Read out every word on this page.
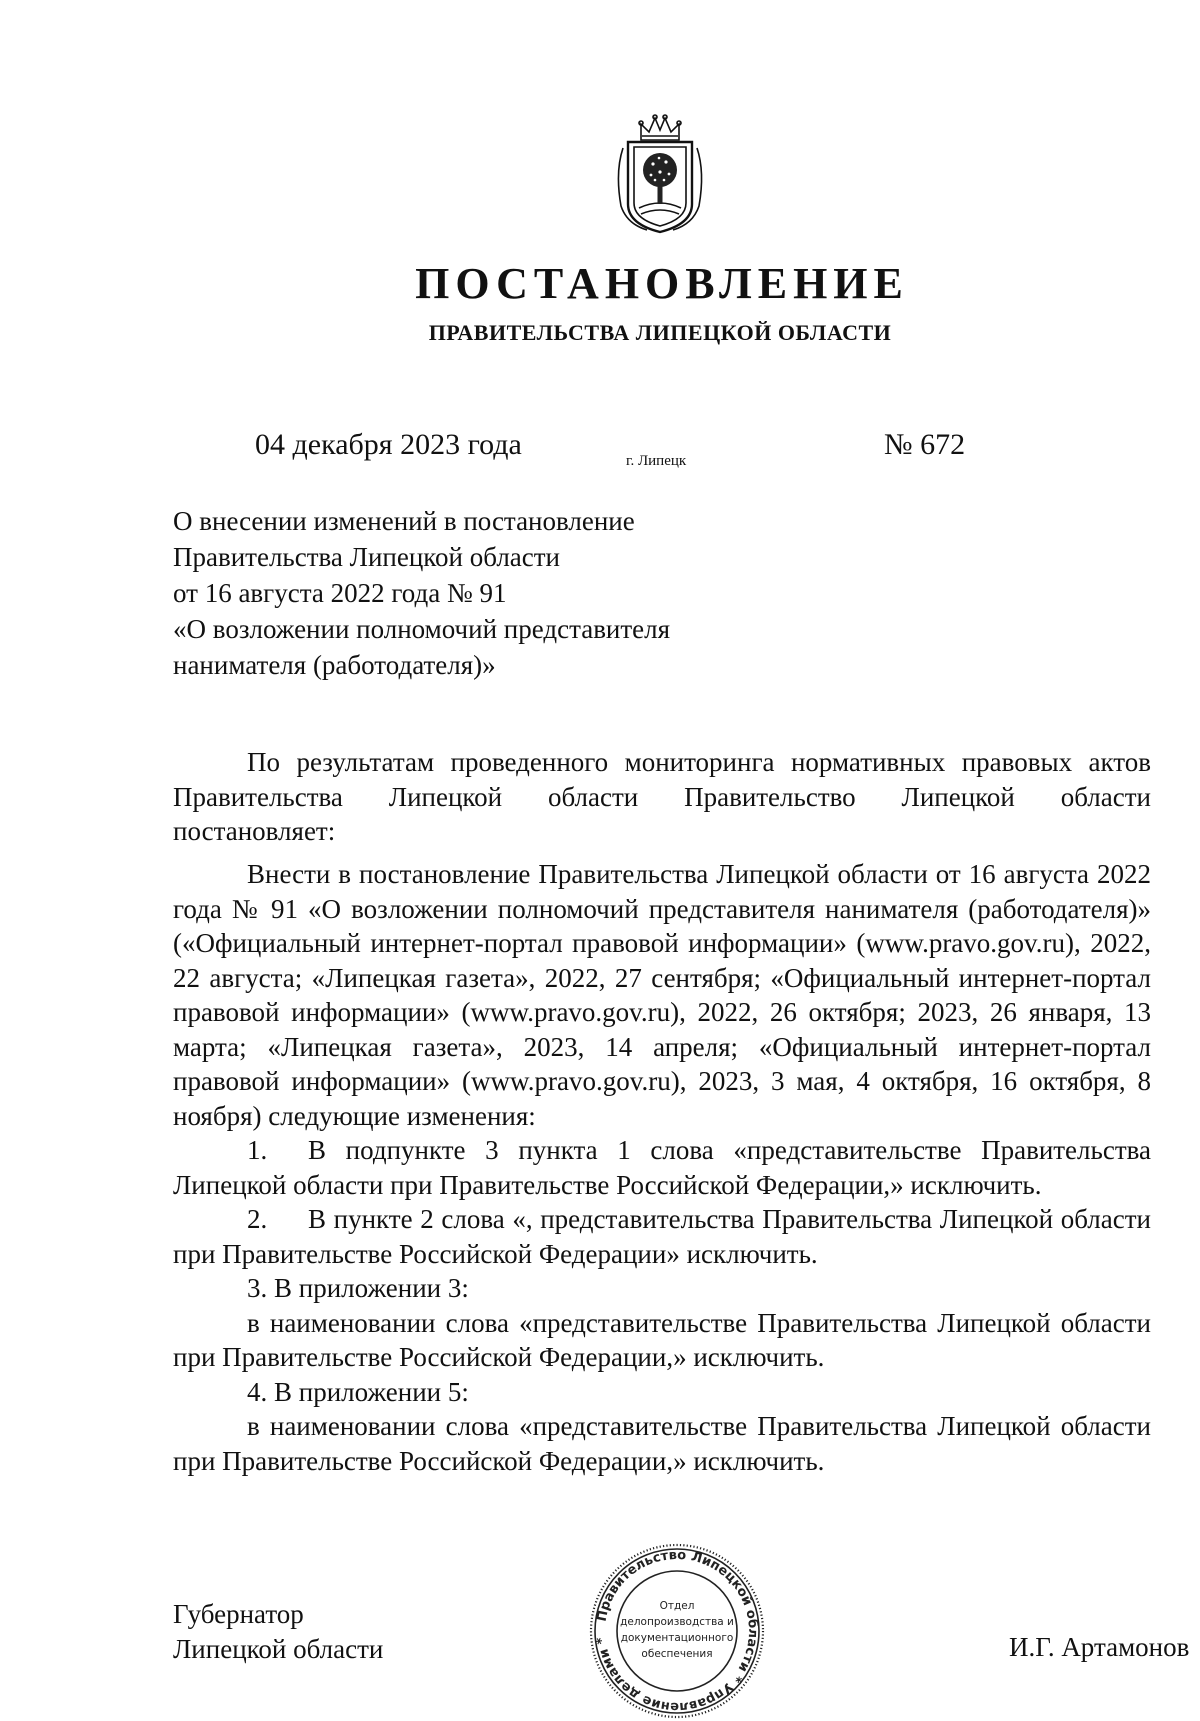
ПОСТАНОВЛЕНИЕ
ПРАВИТЕЛЬСТВА ЛИПЕЦКОЙ ОБЛАСТИ
04 декабря 2023 года	г. Липецк	№ 672
О внесении изменений в постановление
Правительства Липецкой области
от 16 августа 2022 года № 91
«О возложении полномочий представителя
нанимателя (работодателя)»
По результатам проведенного мониторинга нормативных правовых актов
Правительства Липецкой области Правительство Липецкой области
постановляет:

Внести в постановление Правительства Липецкой области от 16 августа 2022 года № 91 «О возложении полномочий представителя нанимателя (работодателя)» («Официальный интернет-портал правовой информации» (www.pravo.gov.ru), 2022, 22 августа; «Липецкая газета», 2022, 27 сентября; «Официальный интернет-портал правовой информации» (www.pravo.gov.ru), 2022, 26 октября; 2023, 26 января, 13 марта; «Липецкая газета», 2023, 14 апреля; «Официальный интернет-портал правовой информации» (www.pravo.gov.ru), 2023, 3 мая, 4 октября, 16 октября, 8 ноября) следующие изменения:

1. В подпункте 3 пункта 1 слова «представительстве Правительства Липецкой области при Правительстве Российской Федерации,» исключить.

2. В пункте 2 слова «, представительства Правительства Липецкой области при Правительстве Российской Федерации» исключить.

3. В приложении 3:

в наименовании слова «представительстве Правительства Липецкой области при Правительстве Российской Федерации,» исключить.

4. В приложении 5:

в наименовании слова «представительстве Правительства Липецкой области при Правительстве Российской Федерации,» исключить.

Губернатор
Липецкой области	И.Г. Артамонов
Правительство Липецкой области * Управление делами *
Отдел
делопроизводства и
документационного
обеспечения
